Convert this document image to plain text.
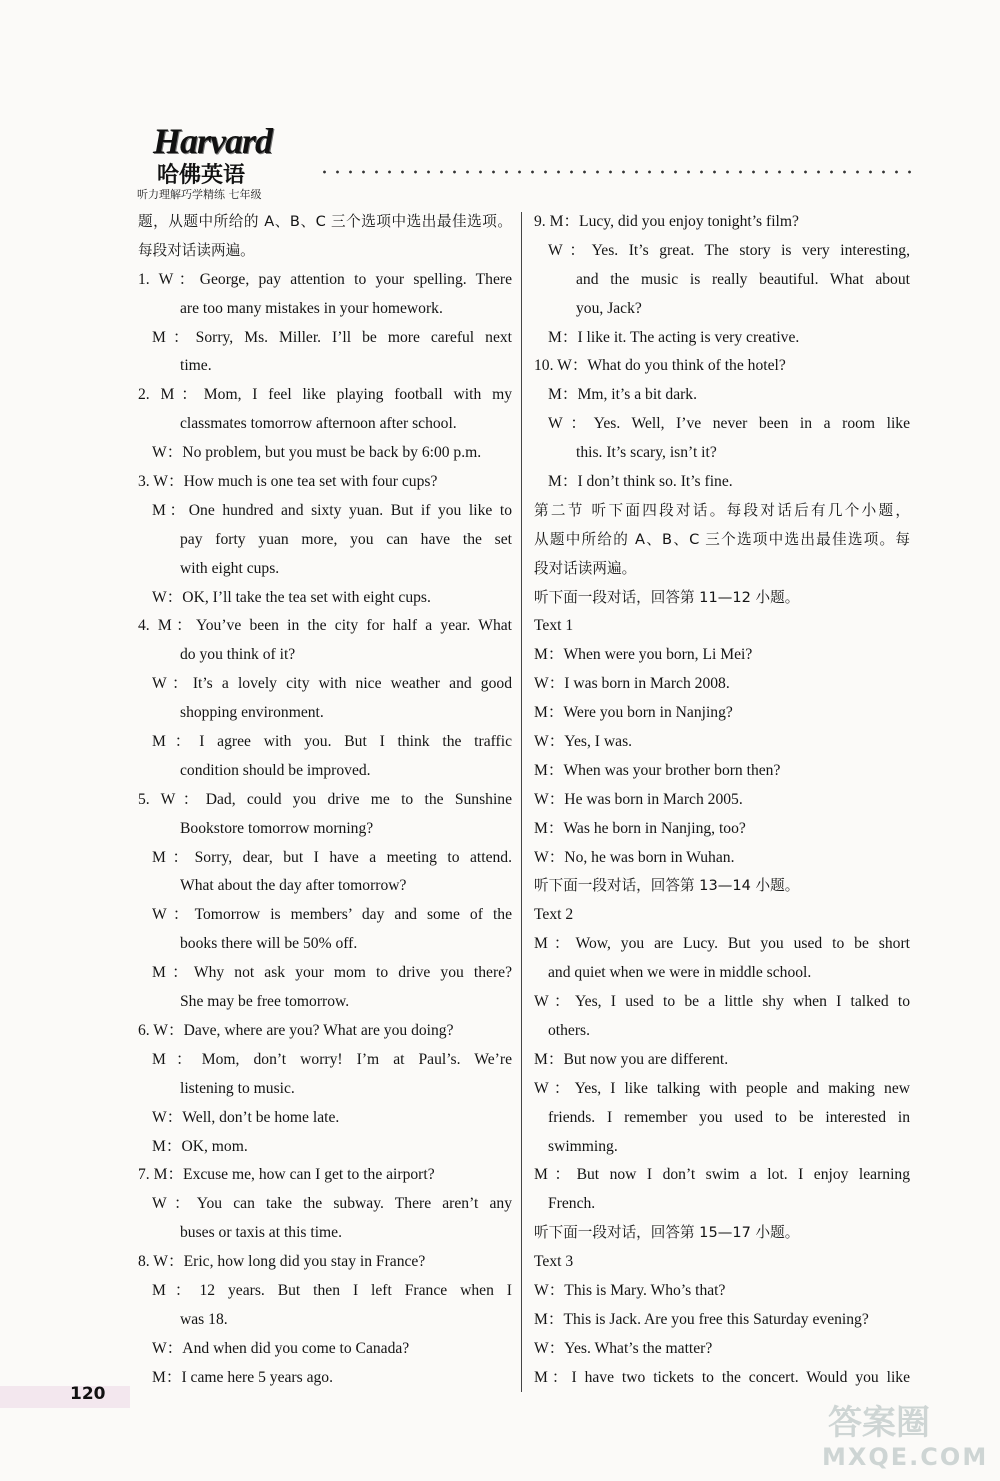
Harvard
哈佛英语
听力理解巧学精练 七年级
题，从题中所给的 A、B、C 三个选项中选出最佳选项。
每段对话读两遍。
1. W：George, pay attention to your spelling. There
are too many mistakes in your homework.
M：Sorry, Ms. Miller. I’ll be more careful next
time.
2. M：Mom, I feel like playing football with my
classmates tomorrow afternoon after school.
W：No problem, but you must be back by 6:00 p.m.
3. W：How much is one tea set with four cups?
M：One hundred and sixty yuan. But if you like to
pay forty yuan more, you can have the set
with eight cups.
W：OK, I’ll take the tea set with eight cups.
4. M：You’ve been in the city for half a year. What
do you think of it?
W：It’s a lovely city with nice weather and good
shopping environment.
M：I agree with you. But I think the traffic
condition should be improved.
5. W：Dad, could you drive me to the Sunshine
Bookstore tomorrow morning?
M：Sorry, dear, but I have a meeting to attend.
What about the day after tomorrow?
W：Tomorrow is members’ day and some of the
books there will be 50% off.
M：Why not ask your mom to drive you there?
She may be free tomorrow.
6. W：Dave, where are you? What are you doing?
M：Mom, don’t worry! I’m at Paul’s. We’re
listening to music.
W：Well, don’t be home late.
M：OK, mom.
7. M：Excuse me, how can I get to the airport?
W：You can take the subway. There aren’t any
buses or taxis at this time.
8. W：Eric, how long did you stay in France?
M：12 years. But then I left France when I
was 18.
W：And when did you come to Canada?
M：I came here 5 years ago.
9. M：Lucy, did you enjoy tonight’s film?
W：Yes. It’s great. The story is very interesting,
and the music is really beautiful. What about
you, Jack?
M：I like it. The acting is very creative.
10. W：What do you think of the hotel?
M：Mm, it’s a bit dark.
W：Yes. Well, I’ve never been in a room like
this. It’s scary, isn’t it?
M：I don’t think so. It’s fine.
第二节 听下面四段对话。每段对话后有几个小题，
从题中所给的 A、B、C 三个选项中选出最佳选项。每
段对话读两遍。
听下面一段对话，回答第 11—12 小题。
Text 1
M：When were you born, Li Mei?
W：I was born in March 2008.
M：Were you born in Nanjing?
W：Yes, I was.
M：When was your brother born then?
W：He was born in March 2005.
M：Was he born in Nanjing, too?
W：No, he was born in Wuhan.
听下面一段对话，回答第 13—14 小题。
Text 2
M：Wow, you are Lucy. But you used to be short
and quiet when we were in middle school.
W：Yes, I used to be a little shy when I talked to
others.
M：But now you are different.
W：Yes, I like talking with people and making new
friends. I remember you used to be interested in
swimming.
M：But now I don’t swim a lot. I enjoy learning
French.
听下面一段对话，回答第 15—17 小题。
Text 3
W：This is Mary. Who’s that?
M：This is Jack. Are you free this Saturday evening?
W：Yes. What’s the matter?
M：I have two tickets to the concert. Would you like
120
答案圈
MXQE.COM
